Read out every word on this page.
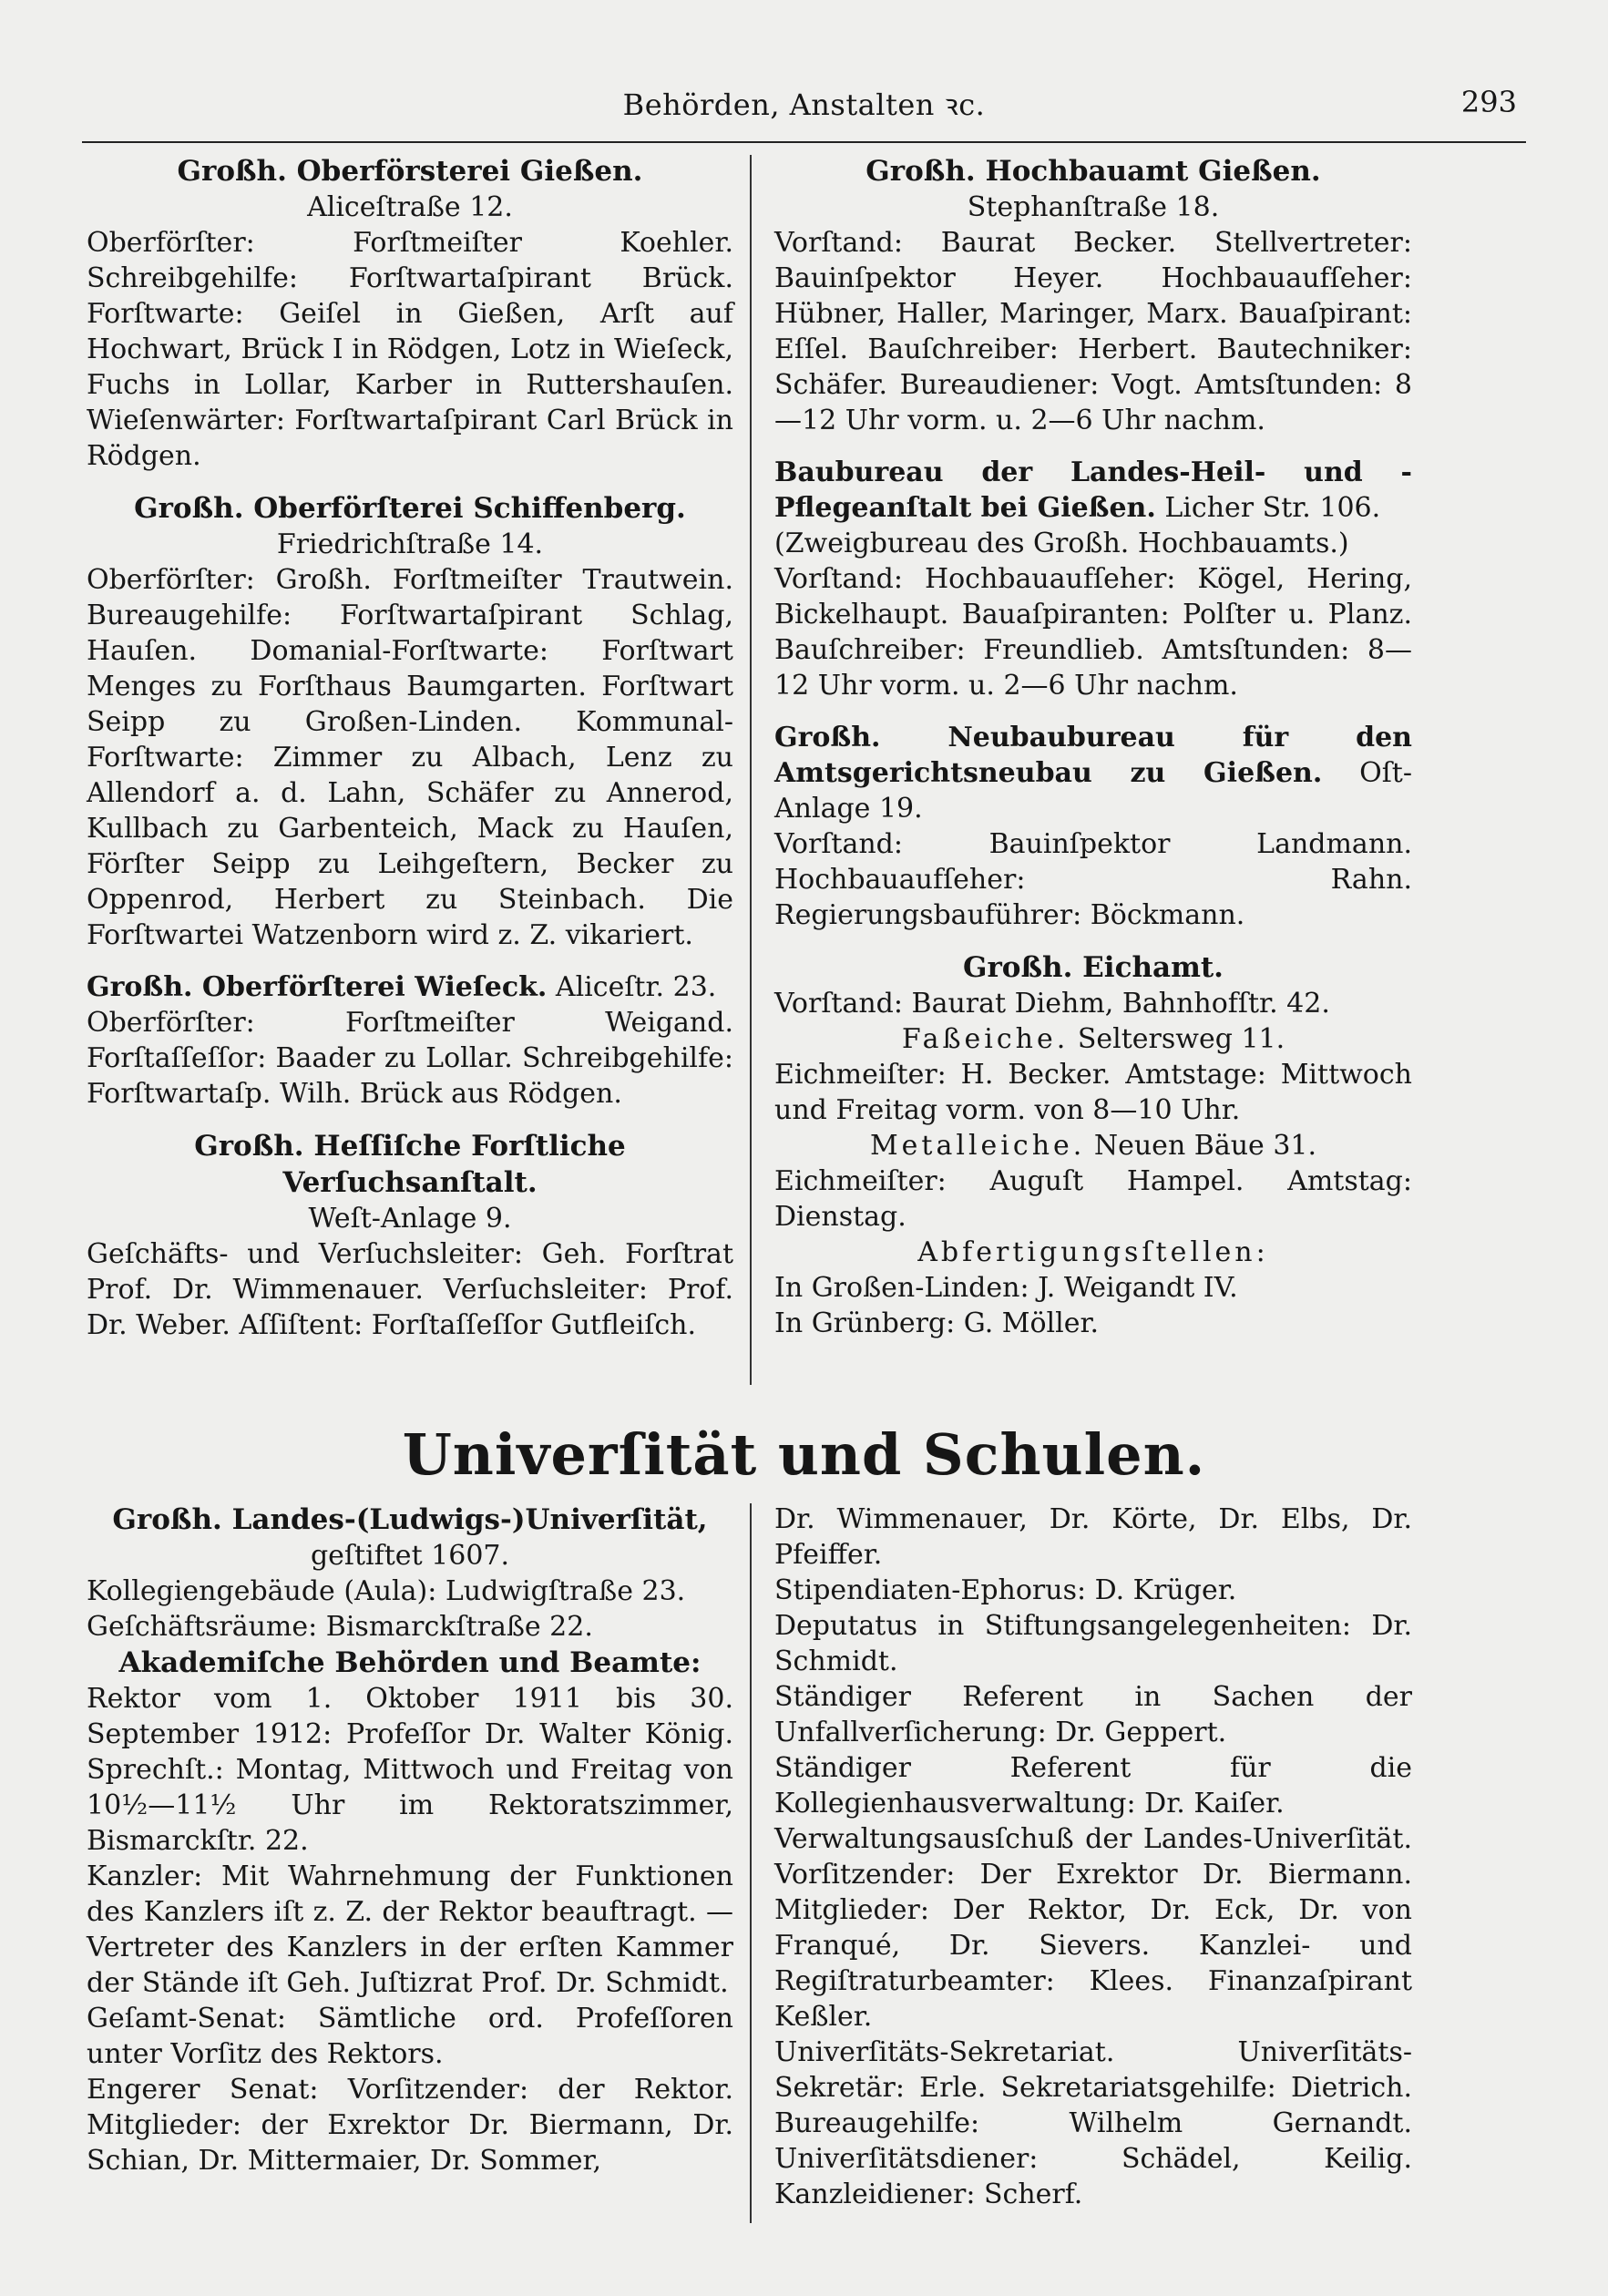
Behörden, Anstalten ꝛc.	293
Großh. Oberförsterei Gießen.
Aliceſtraße 12.
Oberförſter: Forſtmeiſter Koehler. Schreibgehilfe: Forſtwartaſpirant Brück. Forſtwarte: Geiſel in Gießen, Arſt auf Hochwart, Brück I in Rödgen, Lotz in Wieſeck, Fuchs in Lollar, Karber in Ruttershauſen. Wieſenwärter: Forſtwartaſpirant Carl Brück in Rödgen.
Großh. Oberförſterei Schiffenberg.
Friedrichſtraße 14.
Oberförſter: Großh. Forſtmeiſter Trautwein. Bureaugehilfe: Forſtwartaſpirant Schlag, Hauſen. Domanial-Forſtwarte: Forſtwart Menges zu Forſthaus Baumgarten. Forſtwart Seipp zu Großen-Linden. Kommunal-Forſtwarte: Zimmer zu Albach, Lenz zu Allendorf a. d. Lahn, Schäfer zu Annerod, Kullbach zu Garbenteich, Mack zu Hauſen, Förſter Seipp zu Leihgeſtern, Becker zu Oppenrod, Herbert zu Steinbach. Die Forſtwartei Watzenborn wird z. Z. vikariert.
Großh. Oberförſterei Wieſeck. Aliceſtr. 23.
Oberförſter: Forſtmeiſter Weigand. Forſtaſſeſſor: Baader zu Lollar. Schreibgehilfe: Forſtwartaſp. Wilh. Brück aus Rödgen.
Großh. Heſſiſche Forſtliche Verſuchsanſtalt.
Weſt-Anlage 9.
Geſchäfts- und Verſuchsleiter: Geh. Forſtrat Prof. Dr. Wimmenauer. Verſuchsleiter: Prof. Dr. Weber. Aſſiſtent: Forſtaſſeſſor Gutfleiſch.
Großh. Hochbauamt Gießen.
Stephanſtraße 18.
Vorſtand: Baurat Becker. Stellvertreter: Bauinſpektor Heyer. Hochbauaufſeher: Hübner, Haller, Maringer, Marx. Bauaſpirant: Eſſel. Bauſchreiber: Herbert. Bautechniker: Schäfer. Bureaudiener: Vogt. Amtsſtunden: 8—12 Uhr vorm. u. 2—6 Uhr nachm.
Baubureau der Landes-Heil- und -Pflegeanſtalt bei Gießen. Licher Str. 106.
(Zweigbureau des Großh. Hochbauamts.)
Vorſtand: Hochbauaufſeher: Kögel, Hering, Bickelhaupt. Bauaſpiranten: Polſter u. Planz. Bauſchreiber: Freundlieb. Amtsſtunden: 8—12 Uhr vorm. u. 2—6 Uhr nachm.
Großh. Neubaubureau für den Amtsgerichtsneubau zu Gießen. Oſt-Anlage 19.
Vorſtand: Bauinſpektor Landmann. Hochbauaufſeher: Rahn. Regierungsbauführer: Böckmann.
Großh. Eichamt.
Vorſtand: Baurat Diehm, Bahnhofſtr. 42.
Faßeiche. Seltersweg 11.
Eichmeiſter: H. Becker. Amtstage: Mittwoch und Freitag vorm. von 8—10 Uhr.
Metalleiche. Neuen Bäue 31.
Eichmeiſter: Auguſt Hampel. Amtstag: Dienstag.
Abfertigungsſtellen:
In Großen-Linden: J. Weigandt IV.
In Grünberg: G. Möller.
Univerſität und Schulen.
Großh. Landes-(Ludwigs-)Univerſität,
geſtiftet 1607.
Kollegiengebäude (Aula): Ludwigſtraße 23.
Geſchäftsräume: Bismarckſtraße 22.
Akademiſche Behörden und Beamte:
Rektor vom 1. Oktober 1911 bis 30. September 1912: Profeſſor Dr. Walter König. Sprechſt.: Montag, Mittwoch und Freitag von 10½—11½ Uhr im Rektoratszimmer, Bismarckſtr. 22.
Kanzler: Mit Wahrnehmung der Funktionen des Kanzlers iſt z. Z. der Rektor beauftragt. — Vertreter des Kanzlers in der erſten Kammer der Stände iſt Geh. Juſtizrat Prof. Dr. Schmidt.
Geſamt-Senat: Sämtliche ord. Profeſſoren unter Vorſitz des Rektors.
Engerer Senat: Vorſitzender: der Rektor. Mitglieder: der Exrektor Dr. Biermann, Dr. Schian, Dr. Mittermaier, Dr. Sommer,
Dr. Wimmenauer, Dr. Körte, Dr. Elbs, Dr. Pfeiffer.
Stipendiaten-Ephorus: D. Krüger.
Deputatus in Stiftungsangelegenheiten: Dr. Schmidt.
Ständiger Referent in Sachen der Unfallverſicherung: Dr. Geppert.
Ständiger Referent für die Kollegienhausverwaltung: Dr. Kaiſer.
Verwaltungsausſchuß der Landes-Univerſität. Vorſitzender: Der Exrektor Dr. Biermann. Mitglieder: Der Rektor, Dr. Eck, Dr. von Franqué, Dr. Sievers. Kanzlei- und Regiſtraturbeamter: Klees. Finanzaſpirant Keßler.
Univerſitäts-Sekretariat. Univerſitäts-Sekretär: Erle. Sekretariatsgehilfe: Dietrich. Bureaugehilfe: Wilhelm Gernandt. Univerſitätsdiener: Schädel, Keilig. Kanzleidiener: Scherf.
